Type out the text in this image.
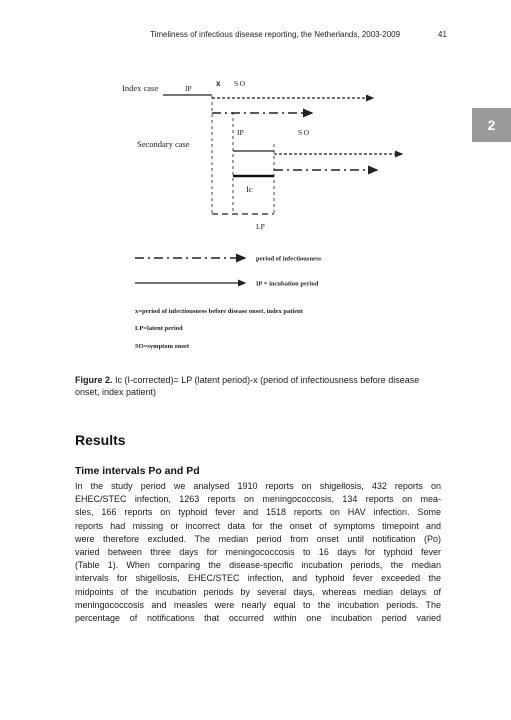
Timeliness of infectious disease reporting, the Netherlands, 2003-2009	41
2
Index case	IP
x SO
IP	SO
Secondary case
Ic
LP
period of infectiousness
IP = incubation period
x=period of infectiousness before disease onset, index patient
LP=latent period
SO=symptom onset
Figure 2. Ic (I-corrected)= LP (latent period)-x (period of infectiousness before disease onset, index patient)
Results
Time intervals Po and Pd
In the study period we analysed 1910 reports on shigellosis, 432 reports on
EHEC/STEC infection, 1263 reports on meningococcosis, 134 reports on mea-
sles, 166 reports on typhoid fever and 1518 reports on HAV infection. Some
reports had missing or incorrect data for the onset of symptoms timepoint and
were therefore excluded. The median period from onset until notification (Po)
varied between three days for meningococcosis to 16 days for typhoid fever
(Table 1). When comparing the disease-specific incubation periods, the median
intervals for shigellosis, EHEC/STEC infection, and typhoid fever exceeded the
midpoints of the incubation periods by several days, whereas median delays of
meningococcosis and measles were nearly equal to the incubation periods. The
percentage of notifications that occurred within one incubation period varied
